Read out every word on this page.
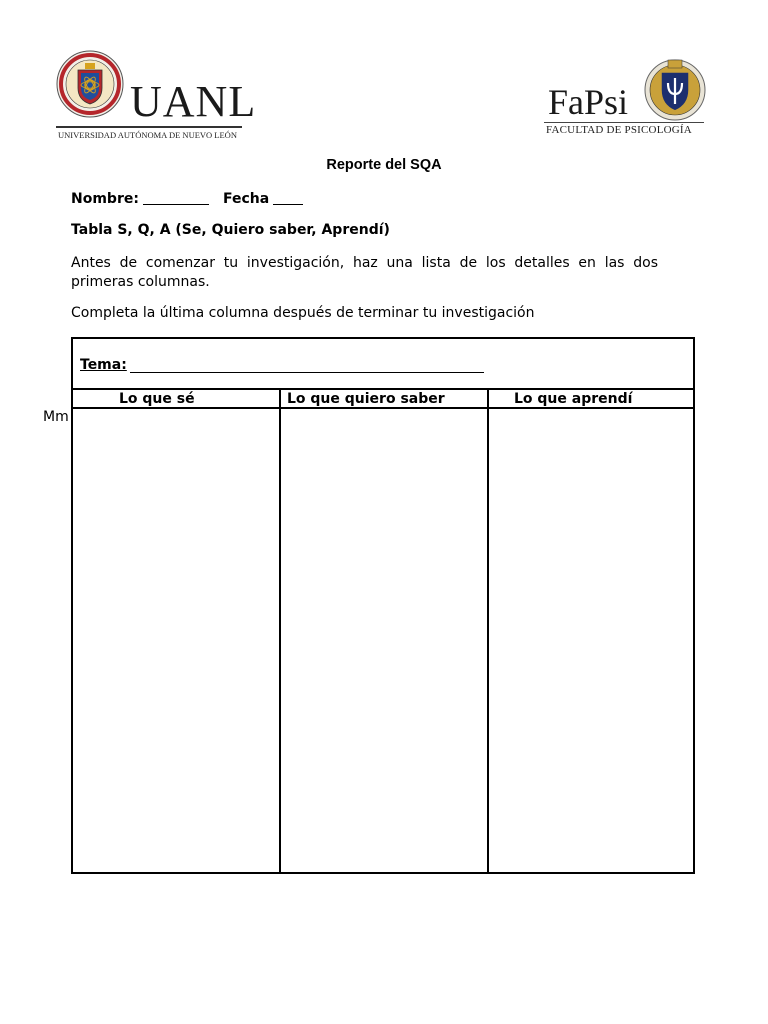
UANL
UNIVERSIDAD AUTÓNOMA DE NUEVO LEÓN
FaPsi
FACULTAD DE PSICOLOGÍA
Reporte del SQA
Nombre:	Fecha
Tabla S, Q, A (Se, Quiero saber, Aprendí)
Antes de comenzar tu investigación, haz una lista de los detalles en las dos primeras columnas.
Completa la última columna después de terminar tu investigación
Mm
Tema:
Lo que sé	Lo que quiero saber	Lo que aprendí
